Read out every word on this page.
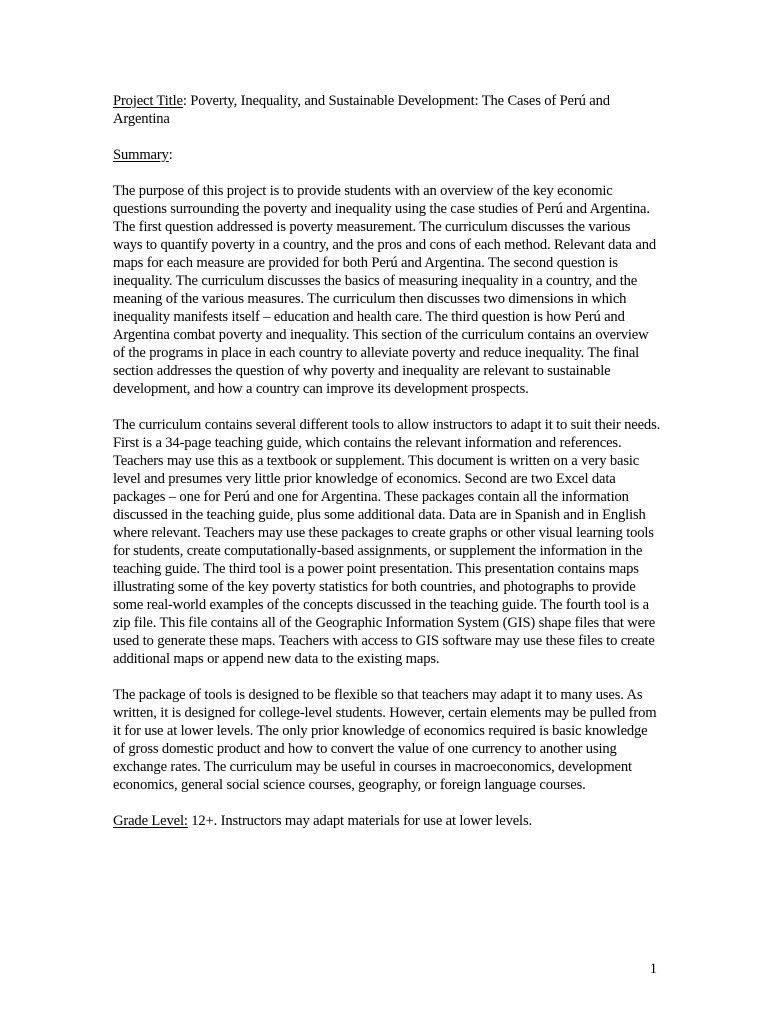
Project Title: Poverty, Inequality, and Sustainable Development: The Cases of Perú and Argentina

Summary:

The purpose of this project is to provide students with an overview of the key economic questions surrounding the poverty and inequality using the case studies of Perú and Argentina. The first question addressed is poverty measurement. The curriculum discusses the various ways to quantify poverty in a country, and the pros and cons of each method. Relevant data and maps for each measure are provided for both Perú and Argentina. The second question is inequality. The curriculum discusses the basics of measuring inequality in a country, and the meaning of the various measures. The curriculum then discusses two dimensions in which inequality manifests itself – education and health care. The third question is how Perú and Argentina combat poverty and inequality. This section of the curriculum contains an overview of the programs in place in each country to alleviate poverty and reduce inequality. The final section addresses the question of why poverty and inequality are relevant to sustainable development, and how a country can improve its development prospects.

The curriculum contains several different tools to allow instructors to adapt it to suit their needs. First is a 34-page teaching guide, which contains the relevant information and references. Teachers may use this as a textbook or supplement. This document is written on a very basic level and presumes very little prior knowledge of economics. Second are two Excel data packages – one for Perú and one for Argentina. These packages contain all the information discussed in the teaching guide, plus some additional data. Data are in Spanish and in English where relevant. Teachers may use these packages to create graphs or other visual learning tools for students, create computationally-based assignments, or supplement the information in the teaching guide. The third tool is a power point presentation. This presentation contains maps illustrating some of the key poverty statistics for both countries, and photographs to provide some real-world examples of the concepts discussed in the teaching guide. The fourth tool is a zip file. This file contains all of the Geographic Information System (GIS) shape files that were used to generate these maps. Teachers with access to GIS software may use these files to create additional maps or append new data to the existing maps.

The package of tools is designed to be flexible so that teachers may adapt it to many uses. As written, it is designed for college-level students. However, certain elements may be pulled from it for use at lower levels. The only prior knowledge of economics required is basic knowledge of gross domestic product and how to convert the value of one currency to another using exchange rates. The curriculum may be useful in courses in macroeconomics, development economics, general social science courses, geography, or foreign language courses.

Grade Level: 12+. Instructors may adapt materials for use at lower levels.

1
